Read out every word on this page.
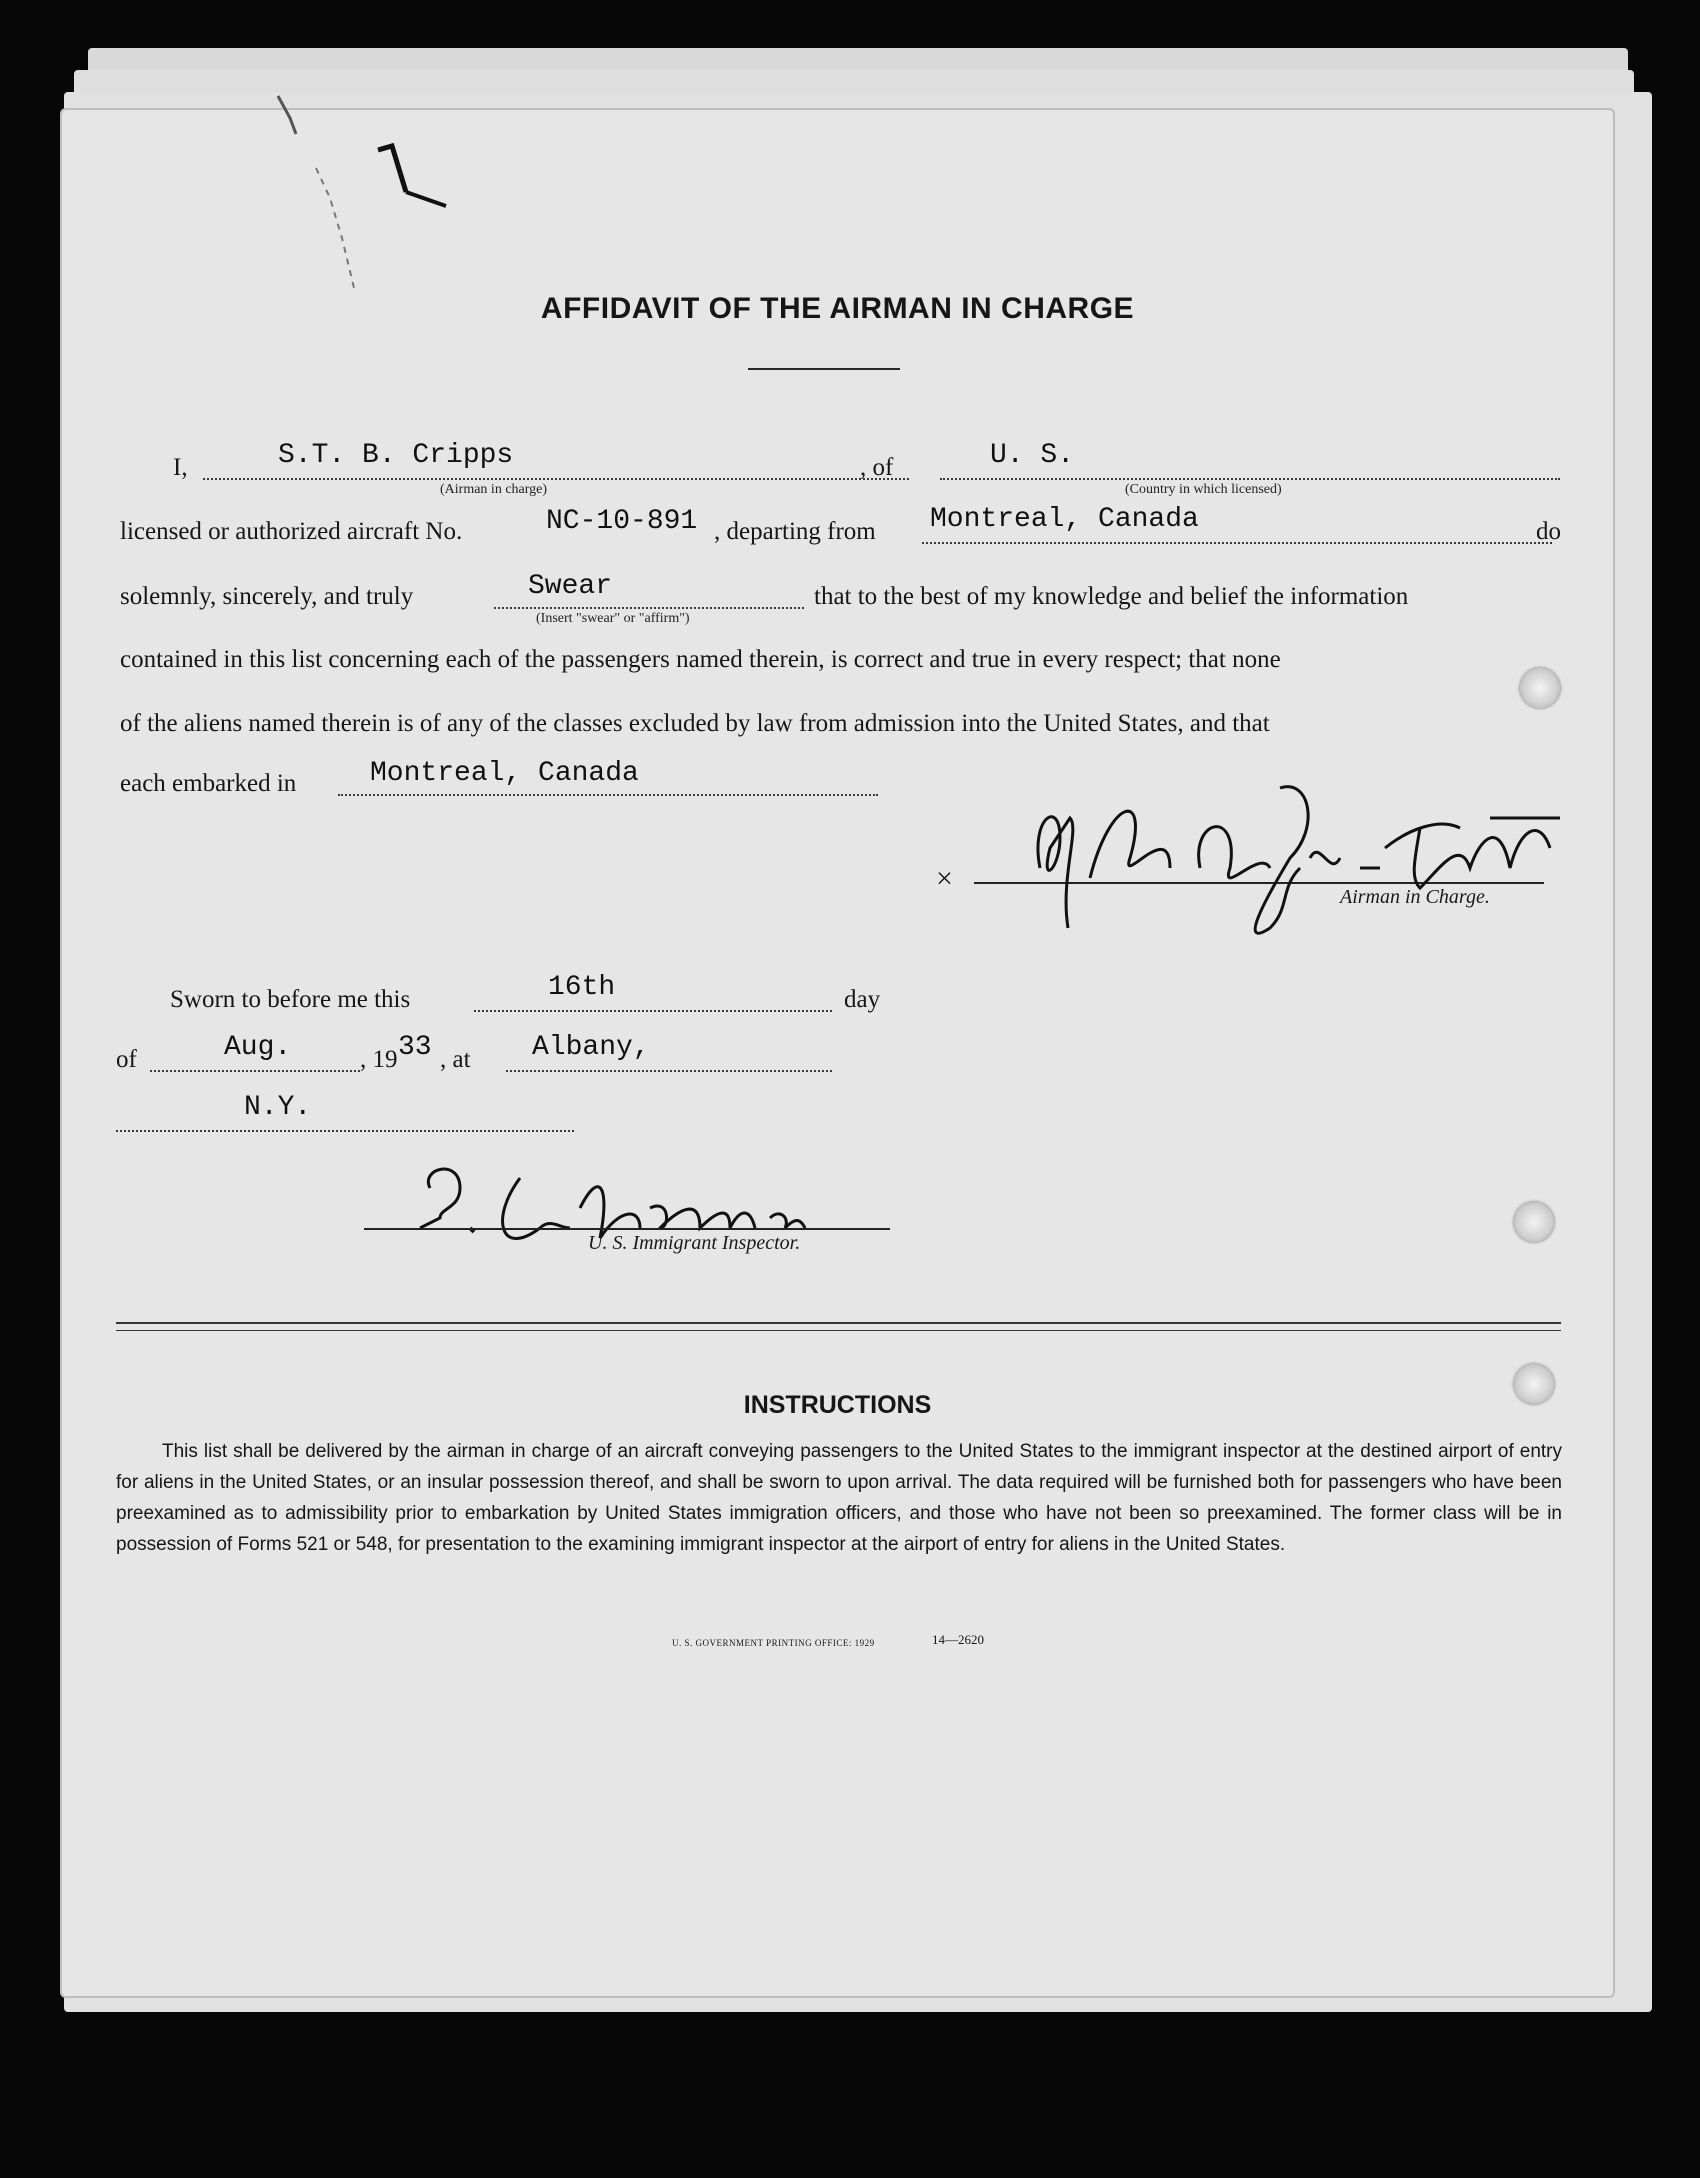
AFFIDAVIT OF THE AIRMAN IN CHARGE
I,	S.T. B. Cripps	, of	U. S.
(Airman in charge)	(Country in which licensed)
licensed or authorized aircraft No.	NC-10-891 , departing from Montreal, Canada	do
solemnly, sincerely, and truly	Swear
(Insert "swear" or "affirm")
that to the best of my knowledge and belief the information
contained in this list concerning each of the passengers named therein, is correct and true in every respect; that none
of the aliens named therein is of any of the classes excluded by law from admission into the United States, and that
each embarked in	Montreal, Canada
×
Airman in Charge.
Sworn to before me this	16th	day
of	Aug.	, 19 33 , at Albany,
N.Y.
U. S. Immigrant Inspector.
INSTRUCTIONS
This list shall be delivered by the airman in charge of an aircraft conveying passengers to the United States to the immigrant inspector at the destined airport of entry for aliens in the United States, or an insular possession thereof, and shall be sworn to upon arrival. The data required will be furnished both for passengers who have been preexamined as to admissibility prior to embarkation by United States immigration officers, and those who have not been so preexamined. The former class will be in possession of Forms 521 or 548, for presentation to the examining immigrant inspector at the airport of entry for aliens in the United States.
U. S. GOVERNMENT PRINTING OFFICE: 1929	14—2620
